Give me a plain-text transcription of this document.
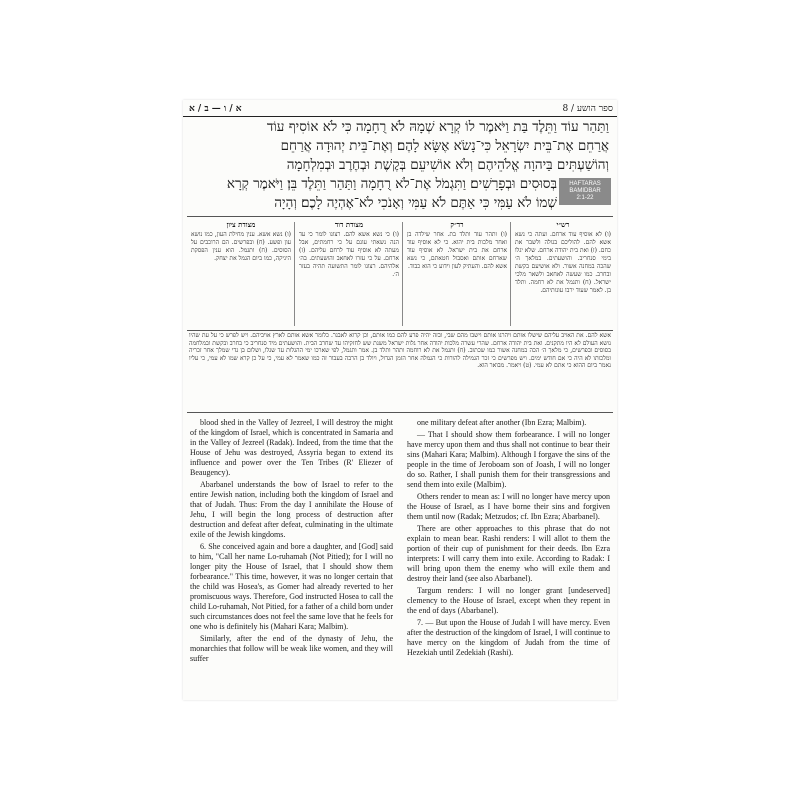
א / ו — ב / א	ספר הושע / 8
וַתַּהַר עוֹד וַתֵּלֶד בַּת וַיֹּאמֶר לוֹ קְרָא שְׁמָהּ לֹא רֻחָמָה כִּי לֹא אוֹסִיף עוֹד
אֲרַחֵם אֶת־בֵּית יִשְׂרָאֵל כִּי־נָשֹׂא אֶשָּׂא לָהֶם׃ וְאֶת־בֵּית יְהוּדָה אֲרַחֵם
וְהוֹשַׁעְתִּים בַּיהוָה אֱלֹהֵיהֶם וְלֹא אוֹשִׁיעֵם בְּקֶשֶׁת וּבְחֶרֶב וּבְמִלְחָמָה
בְּסוּסִים וּבְפָרָשִׁים׃ וַתִּגְמֹל אֶת־לֹא רֻחָמָה וַתַּהַר וַתֵּלֶד בֵּן׃ וַיֹּאמֶר קְרָא
שְׁמוֹ לֹא עַמִּי כִּי אַתֶּם לֹא עַמִּי וְאָנֹכִי לֹא־אֶהְיֶה לָכֶם׃ וְהָיָה
HAFTARAS
BAMIDBAR
2:1-22
רש״י
(ו) לא אוסיף עוד ארחם. ועתה כי נשא אשא להם. להוליכם בגולה ולשבר את כחם. (ז) ואת בית יהודה ארחם. שלא יגלו בימי סנחריב. והושעתים. במלאך ה׳ שהכה במחנה אשור. ולא אושיעם בקשת ובחרב. כמו שעשה לאחאב ולשאר מלכי ישראל. (ח) ותגמל את לא רחמה. ותלד בן. לאמר שעוד ירבו עונותיהם.
רד״ק
(ו) ותהר עוד ותלד בת. אחר שילדה בן ואחר מלכות בית יהוא. כי לא אוסיף עוד ארחם את בית ישראל. לא אוסיף עוד שארחם אותם ואסבול חטאתם, כי נשא אשא להם. והעתיק לעון וידוע כי הוא כבוד.
מצודת דוד
(ו) כי נשא אשא להם. רצונו לומר כי עד הנה נשאתי עונם על כי רחמתים, אבל מעתה לא אוסיף עוד לרחם עליהם. (ז) ארחם. על כי עזרו לאחאב והושעתים. בה׳ אלהיהם. רצונו לומר התשועה תהיה בעזר ה׳.
מצודת ציון
(ו) נשא אשא. ענין מחילת העון, כמו נושא עון ופשע. (ח) ובפרשים. הם הרוכבים על הסוסים. (ח) ותגמל. הוא ענין הפסקת היניקה, כמו ביום הגמל את יצחק.
אשא להם. את האויב עליהם שישלו אותם ויהרגו אותם וישבו מהם שבי, ובזה יהיה פרע להם כמו אותם, וכן קרוא לאבנר. כלומר אשא אותם לארץ אויביהם. ויש לפרש כי על עת שהיו נושא העולם לא היו מתקנים. ואת בית יהודה ארחם. שהרי עשרה מלכות יהודה אחר גלות ישראל משנת שש לחזקיהו עד שחרב הבית. והושעתים מיד סנחריב כי בחרב ובקשת ובמלחמה בסוסים ובפרשים, כי מלאך ה׳ הכה במחנה אשור כמו שכתוב. (ח) ותגמל את לא רוחמה ותהר ותלד בן. אמר ותגמל, לפי שארכו ימי ההגלות עד שגלו, ושלום בן גדי שמלך אחר זכריה ומלכותו לא היה כי אם חודש ימים. ויש מפרשים כי זכר הגמילה להורות כי הגמלה אחר הזמן הגדול, ויולד בן הרבה בעבור זה כמו שאמר לא עמי, כי על כן קרא שמו לא עמי, כי עליו נאמר ביום ההוא כי אתם לא עמי. (ט) ויאמר. מבואר הוא.

blood shed in the Valley of Jezreel, I will destroy the might of the kingdom of Israel, which is concentrated in Samaria and in the Valley of Jezreel (Radak). Indeed, from the time that the House of Jehu was destroyed, Assyria began to extend its influence and power over the Ten Tribes (R' Eliezer of Beaugency).

Abarbanel understands the bow of Israel to refer to the entire Jewish nation, including both the kingdom of Israel and that of Judah. Thus: From the day I annihilate the House of Jehu, I will begin the long process of destruction after destruction and defeat after defeat, culminating in the ultimate exile of the Jewish kingdoms.

6. She conceived again and bore a daughter, and [God] said to him, "Call her name Lo-ruhamah (Not Pitied); for I will no longer pity the House of Israel, that I should show them forbearance." This time, however, it was no longer certain that the child was Hosea's, as Gomer had already reverted to her promiscuous ways. Therefore, God instructed Hosea to call the child Lo-ruhamah, Not Pitied, for a father of a child born under such circumstances does not feel the same love that he feels for one who is definitely his (Mahari Kara; Malbim).

Similarly, after the end of the dynasty of Jehu, the monarchies that follow will be weak like women, and they will suffer

one military defeat after another (Ibn Ezra; Malbim).

— That I should show them forbearance. I will no longer have mercy upon them and thus shall not continue to bear their sins (Mahari Kara; Malbim). Although I forgave the sins of the people in the time of Jeroboam son of Joash, I will no longer do so. Rather, I shall punish them for their transgressions and send them into exile (Malbim).

Others render to mean as: I will no longer have mercy upon the House of Israel, as I have borne their sins and forgiven them until now (Radak; Metzudos; cf. Ibn Ezra; Abarbanel).

There are other approaches to this phrase that do not explain to mean bear. Rashi renders: I will allot to them the portion of their cup of punishment for their deeds. Ibn Ezra interprets: I will carry them into exile. According to Radak: I will bring upon them the enemy who will exile them and destroy their land (see also Abarbanel).

Targum renders: I will no longer grant [undeserved] clemency to the House of Israel, except when they repent in the end of days (Abarbanel).

7. — But upon the House of Judah I will have mercy. Even after the destruction of the kingdom of Israel, I will continue to have mercy on the kingdom of Judah from the time of Hezekiah until Zedekiah (Rashi).
